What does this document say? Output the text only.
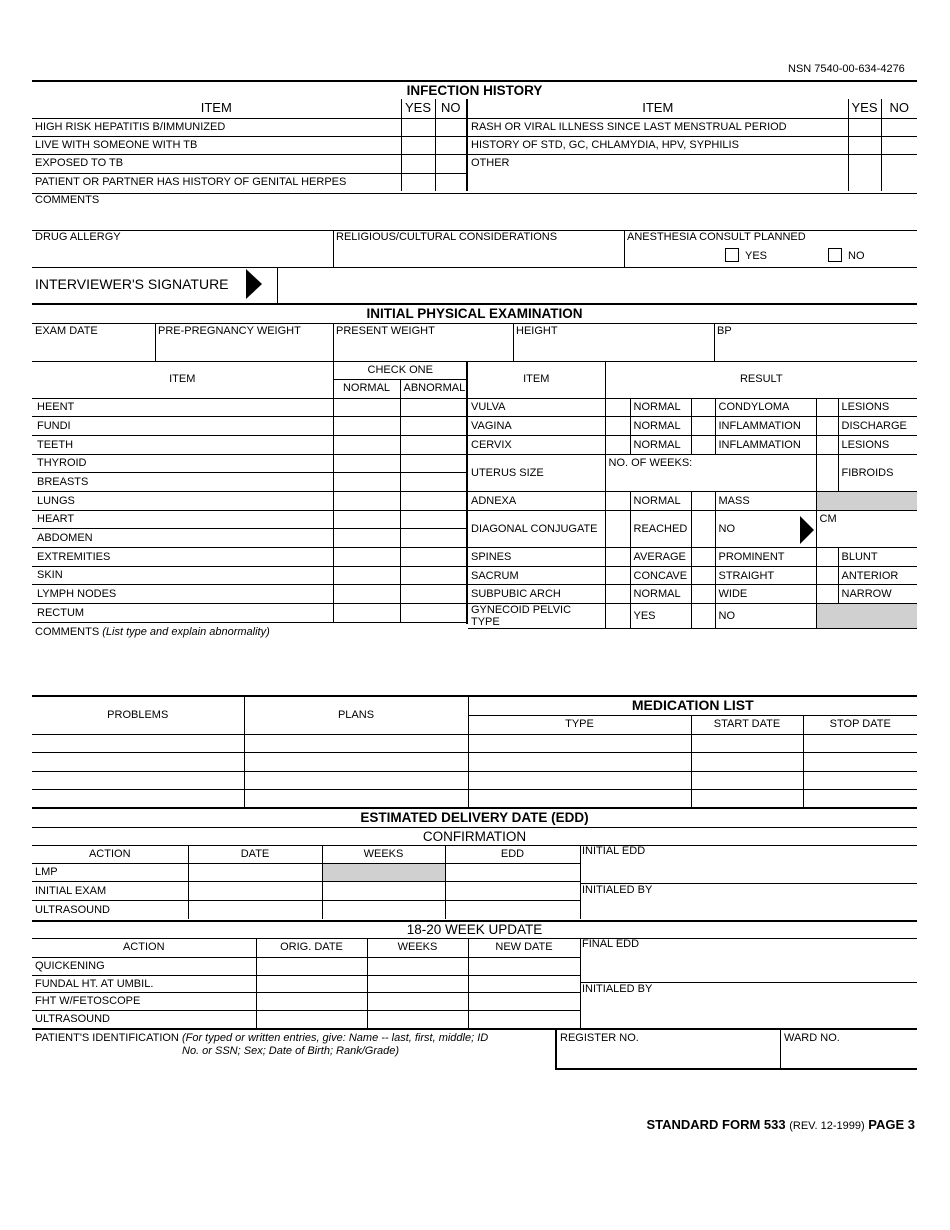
NSN 7540-00-634-4276
INFECTION HISTORY
ITEM	YES	NO	ITEM	YES	NO
HIGH RISK HEPATITIS B/IMMUNIZED			RASH OR VIRAL ILLNESS SINCE LAST MENSTRUAL PERIOD		
LIVE WITH SOMEONE WITH TB			HISTORY OF STD, GC, CHLAMYDIA, HPV, SYPHILIS		
EXPOSED TO TB			OTHER		
PATIENT OR PARTNER HAS HISTORY OF GENITAL HERPES					
COMMENTS
DRUG ALLERGY	RELIGIOUS/CULTURAL CONSIDERATIONS	ANESTHESIA CONSULT PLANNED
YES	NO
INTERVIEWER'S SIGNATURE
INITIAL PHYSICAL EXAMINATION
EXAM DATE	PRE-PREGNANCY WEIGHT	PRESENT WEIGHT	HEIGHT	BP
ITEM	CHECK ONE	
	NORMAL	ABNORMAL
HEENT		
FUNDI		
TEETH		
THYROID		
BREASTS		
LUNGS		
HEART		
ABDOMEN		
EXTREMITIES		
SKIN		
LYMPH NODES		
RECTUM		
ITEM	RESULT					
VULVA		NORMAL		CONDYLOMA		LESIONS
VAGINA		NORMAL		INFLAMMATION		DISCHARGE
CERVIX		NORMAL		INFLAMMATION		LESIONS
UTERUS SIZE	NO. OF WEEKS:					FIBROIDS
ADNEXA		NORMAL		MASS		
DIAGONAL CONJUGATE		REACHED		NO	CM	
SPINES		AVERAGE		PROMINENT		BLUNT
SACRUM		CONCAVE		STRAIGHT		ANTERIOR
SUBPUBIC ARCH		NORMAL		WIDE		NARROW
GYNECOID PELVIC TYPE		YES		NO		
COMMENTS (List type and explain abnormality)
PROBLEMS	PLANS	MEDICATION LIST		
		TYPE	START DATE	STOP DATE

ESTIMATED DELIVERY DATE (EDD)
CONFIRMATION
ACTION	DATE	WEEKS	EDD
LMP			
INITIAL EXAM			
ULTRASOUND			
INITIAL EDD
INITIALED BY
18-20 WEEK UPDATE
ACTION	ORIG. DATE	WEEKS	NEW DATE
QUICKENING			
FUNDAL HT. AT UMBIL.			
FHT W/FETOSCOPE			
ULTRASOUND			
FINAL EDD
INITIALED BY
PATIENT'S IDENTIFICATION (For typed or written entries, give: Name -- last, first, middle; ID
No. or SSN; Sex; Date of Birth; Rank/Grade)
REGISTER NO.	WARD NO.
STANDARD FORM 533 (REV. 12-1999) PAGE 3
